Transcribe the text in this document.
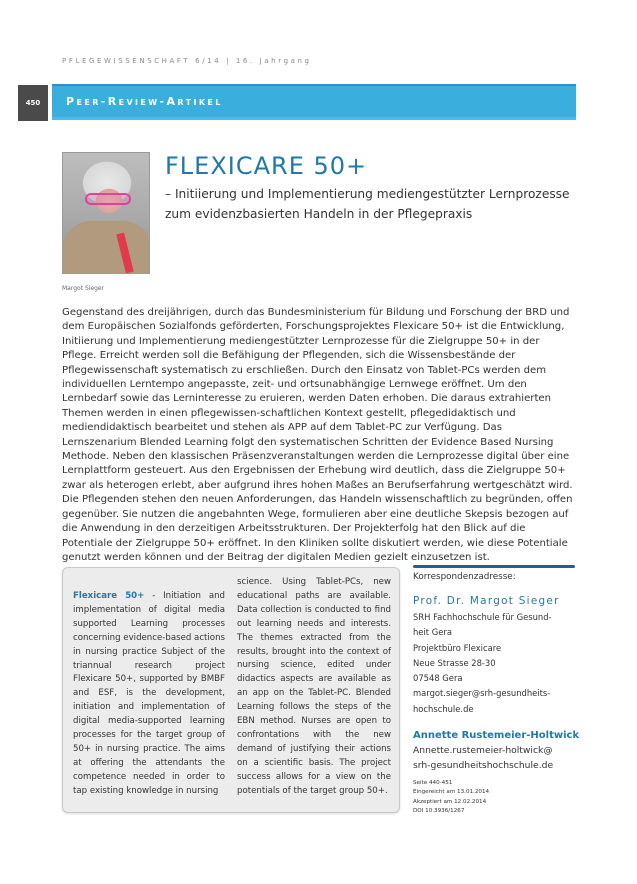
PFLEGEWISSENSCHAFT 6/14 | 16. Jahrgang
450	Peer-Review-Artikel
Margot Sieger
FLEXICARE 50+
– Initiierung und Implementierung mediengestützter Lernprozesse zum evidenzbasierten Handeln in der Pflegepraxis

Gegenstand des dreijährigen, durch das Bundesministerium für Bildung und Forschung der BRD und dem Europäischen Sozialfonds geförderten, Forschungsprojektes Flexicare 50+ ist die Entwicklung, Initiierung und Implementierung mediengestützter Lernprozesse für die Zielgruppe 50+ in der Pflege. Erreicht werden soll die Befähigung der Pflegenden, sich die Wissensbestände der Pflegewissenschaft systematisch zu erschließen. Durch den Einsatz von Tablet-PCs werden dem individuellen Lerntempo angepasste, zeit- und ortsunabhängige Lernwege eröffnet. Um den Lernbedarf sowie das Lerninteresse zu eruieren, werden Daten erhoben. Die daraus extrahierten Themen werden in einen pflegewissen-schaftlichen Kontext gestellt, pflegedidaktisch und mediendidaktisch bearbeitet und stehen als APP auf dem Tablet-PC zur Verfügung. Das Lernszenarium Blended Learning folgt den systematischen Schritten der Evidence Based Nursing Methode. Neben den klassischen Präsenzveranstaltungen werden die Lernprozesse digital über eine Lernplattform gesteuert. Aus den Ergebnissen der Erhebung wird deutlich, dass die Zielgruppe 50+ zwar als heterogen erlebt, aber aufgrund ihres hohen Maßes an Berufserfahrung wertgeschätzt wird. Die Pflegenden stehen den neuen Anforderungen, das Handeln wissenschaftlich zu begründen, offen gegenüber. Sie nutzen die angebahnten Wege, formulieren aber eine deutliche Skepsis bezogen auf die Anwendung in den derzeitigen Arbeitsstrukturen. Der Projekterfolg hat den Blick auf die Potentiale der Zielgruppe 50+ eröffnet. In den Kliniken sollte diskutiert werden, wie diese Potentiale genutzt werden können und der Beitrag der digitalen Medien gezielt einzusetzen ist.

Flexicare 50+ - Initiation and implementation of digital media supported Learning processes concerning evidence-based actions in nursing practice Subject of the triannual research project Flexicare 50+, supported by BMBF and ESF, is the development, initiation and implementation of digital media-supported learning processes for the target group of 50+ in nursing practice. The aims at offering the attendants the competence needed in order to tap existing knowledge in nursing
science. Using Tablet-PCs, new educational paths are available. Data collection is conducted to find out learning needs and interests. The themes extracted from the results, brought into the context of nursing science, edited under didactics aspects are available as an app on the Tablet-PC. Blended Learning follows the steps of the EBN method. Nurses are open to confrontations with the new demand of justifying their actions on a scientific basis. The project success allows for a view on the potentials of the target group 50+.
Korrespondenzadresse:
Prof. Dr. Margot Sieger
SRH Fachhochschule für Gesund-
heit Gera
Projektbüro Flexicare
Neue Strasse 28-30
07548 Gera
margot.sieger@srh-gesundheits-
hochschule.de
Annette Rustemeier-Holtwick
Annette.rustemeier-holtwick@
srh-gesundheitshochschule.de
Seite 440-451
Eingereicht am 13.01.2014
Akzeptiert am 12.02.2014
DOI 10.3936/1267
